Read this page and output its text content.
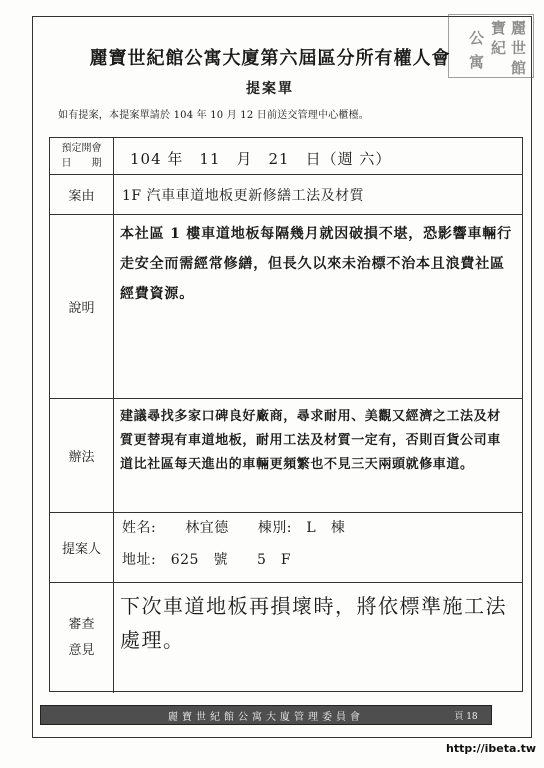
麗
寶
世
紀
館
公
寓
麗寶世紀館公寓大廈第六屆區分所有權人會
提案單
如有提案，本提案單請於 104 年 10 月 12 日前送交管理中心櫃檯。
預定開會
日　　期 104 年　11　月　21　日（週 六）
案由	1F 汽車車道地板更新修繕工法及材質
說明
本社區 1 樓車道地板每隔幾月就因破損不堪，恐影響車輛行走安全而需經常修繕，但長久以來未治標不治本且浪費社區經費資源。
辦法
建議尋找多家口碑良好廠商，尋求耐用、美觀又經濟之工法及材質更替現有車道地板，耐用工法及材質一定有，否則百貨公司車道比社區每天進出的車輛更頻繁也不見三天兩頭就修車道。
提案人
姓名:　　林宜德　　棟別:　L　棟
地址:　625　號　　5　F
審查
意見
下次車道地板再損壞時，將依標準施工法處理。
麗寶世紀館公寓大廈管理委員會	頁 18
http://ibeta.tw
